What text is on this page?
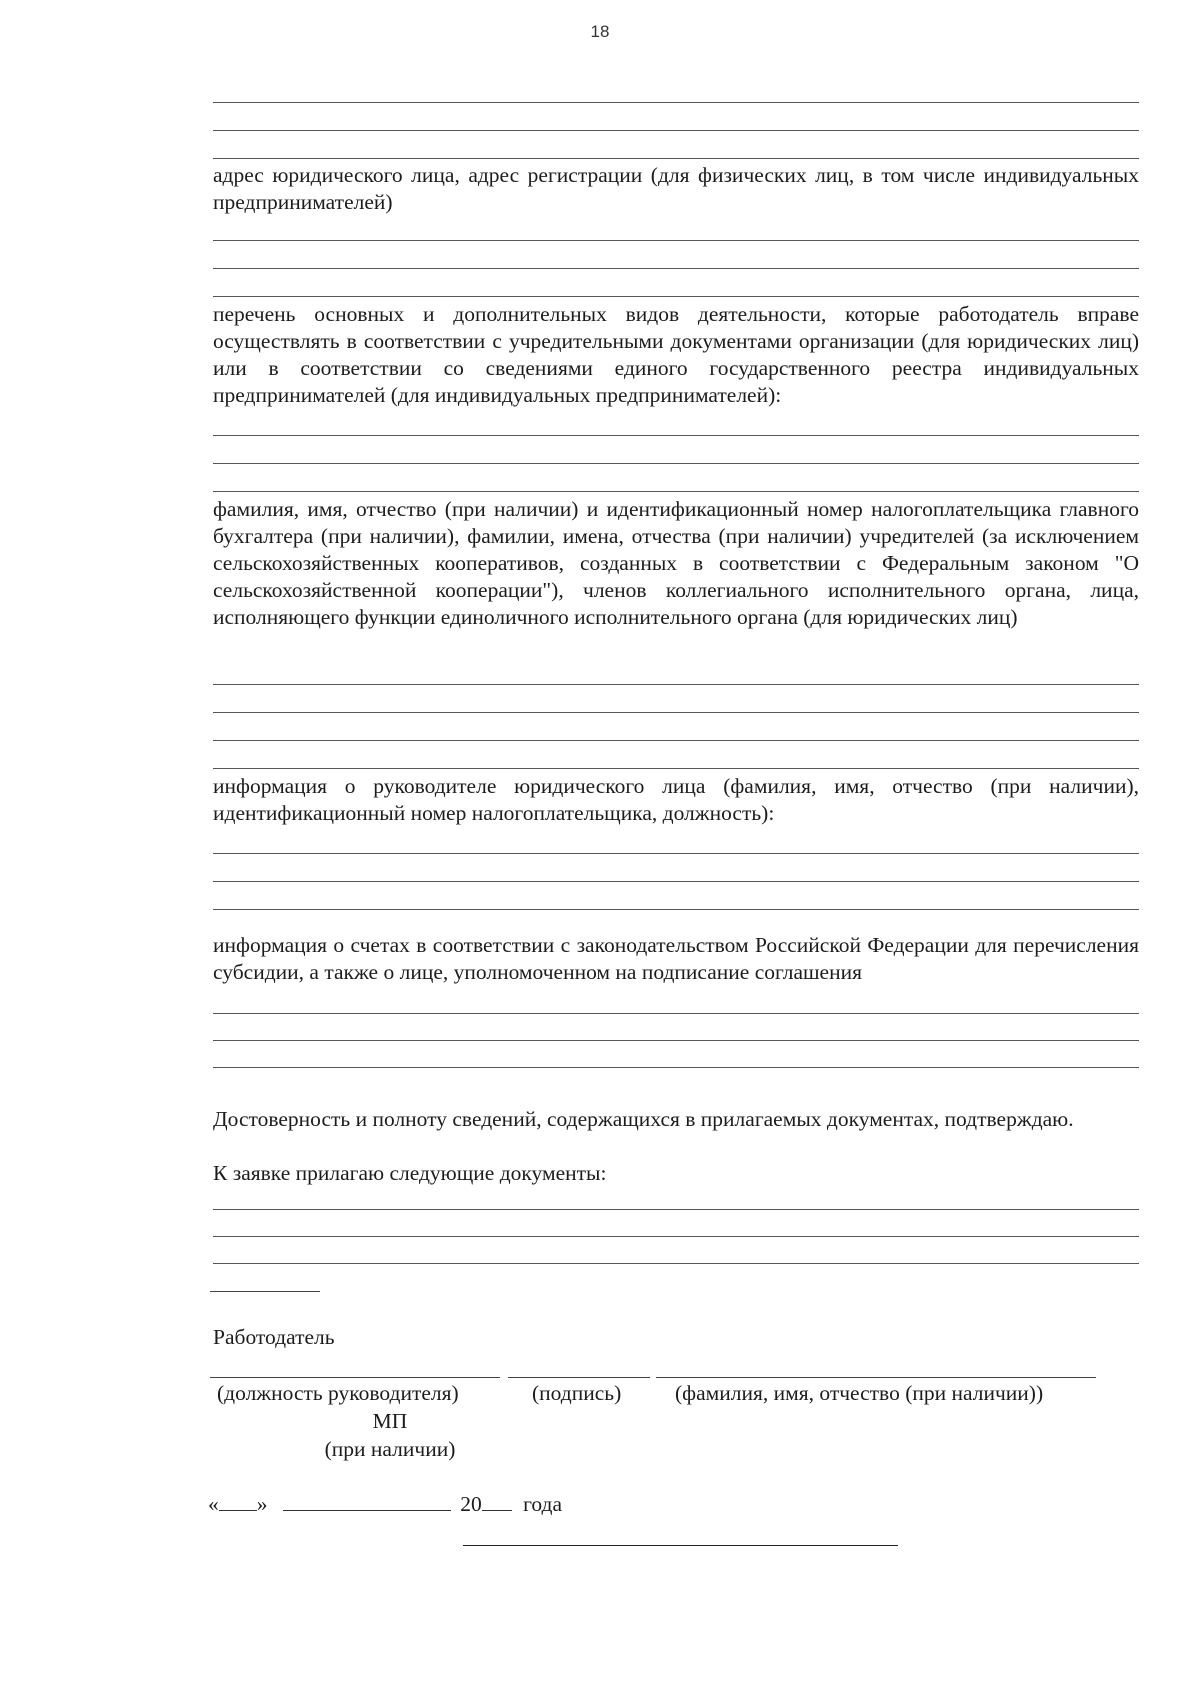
18

адрес юридического лица, адрес регистрации (для физических лиц, в том числе индивидуальных предпринимателей)

перечень основных и дополнительных видов деятельности, которые работодатель вправе осуществлять в соответствии с учредительными документами организации (для юридических лиц) или в соответствии со сведениями единого государственного реестра индивидуальных предпринимателей (для индивидуальных предпринимателей):

фамилия, имя, отчество (при наличии) и идентификационный номер налогоплательщика главного бухгалтера (при наличии), фамилии, имена, отчества (при наличии) учредителей (за исключением сельскохозяйственных кооперативов, созданных в соответствии с Федеральным законом "О сельскохозяйственной кооперации"), членов коллегиального исполнительного органа, лица, исполняющего функции единоличного исполнительного органа (для юридических лиц)

информация о руководителе юридического лица (фамилия, имя, отчество (при наличии), идентификационный номер налогоплательщика, должность):

информация о счетах в соответствии с законодательством Российской Федерации для перечисления субсидии, а также о лице, уполномоченном на подписание соглашения

Достоверность и полноту сведений, содержащихся в прилагаемых документах, подтверждаю.

К заявке прилагаю следующие документы:

Работодатель

(должность руководителя)	(подпись) (фамилия, имя, отчество (при наличии))
МП
(при наличии)
« »	20 года
